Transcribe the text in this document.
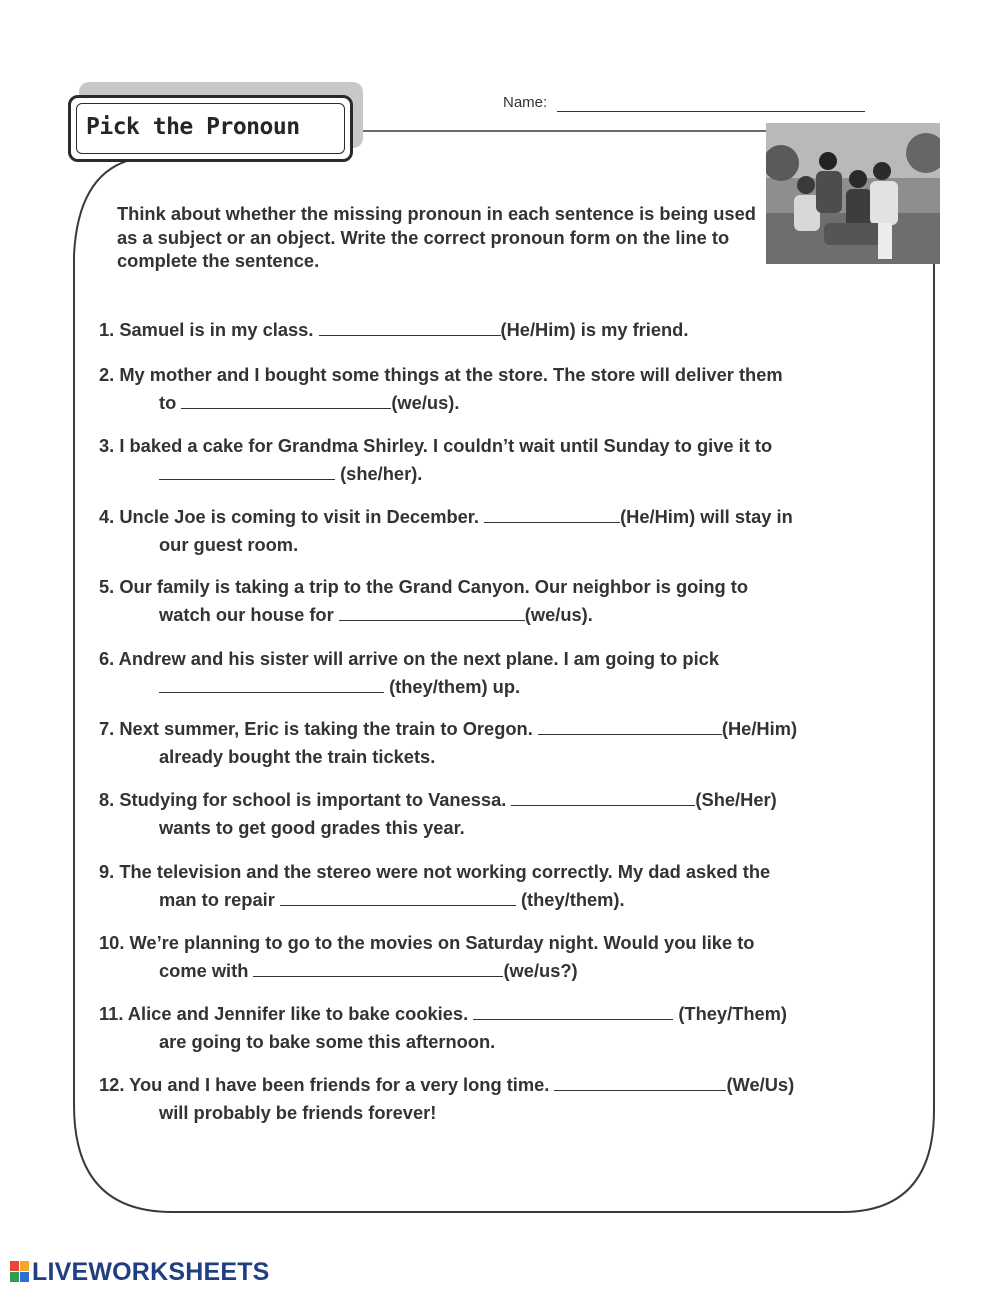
Pick the Pronoun
Name:
Think about whether the missing pronoun in each sentence is being used as a subject or an object. Write the correct pronoun form on the line to complete the sentence.
1. Samuel is in my class.	(He/Him) is my friend.
2. My mother and I bought some things at the store. The store will deliver them
to	(we/us).
3. I baked a cake for Grandma Shirley. I couldn’t wait until Sunday to give it to
(she/her).
4. Uncle Joe is coming to visit in December.	(He/Him) will stay in
our guest room.
5. Our family is taking a trip to the Grand Canyon. Our neighbor is going to
watch our house for	(we/us).
6. Andrew and his sister will arrive on the next plane. I am going to pick
(they/them) up.
7. Next summer, Eric is taking the train to Oregon.	(He/Him)
already bought the train tickets.
8. Studying for school is important to Vanessa.	(She/Her)
wants to get good grades this year.
9. The television and the stereo were not working correctly. My dad asked the
man to repair	(they/them).
10. We’re planning to go to the movies on Saturday night. Would you like to
come with	(we/us?)
11. Alice and Jennifer like to bake cookies.	(They/Them)
are going to bake some this afternoon.
12. You and I have been friends for a very long time.	(We/Us)
will probably be friends forever!
LIVEWORKSHEETS
